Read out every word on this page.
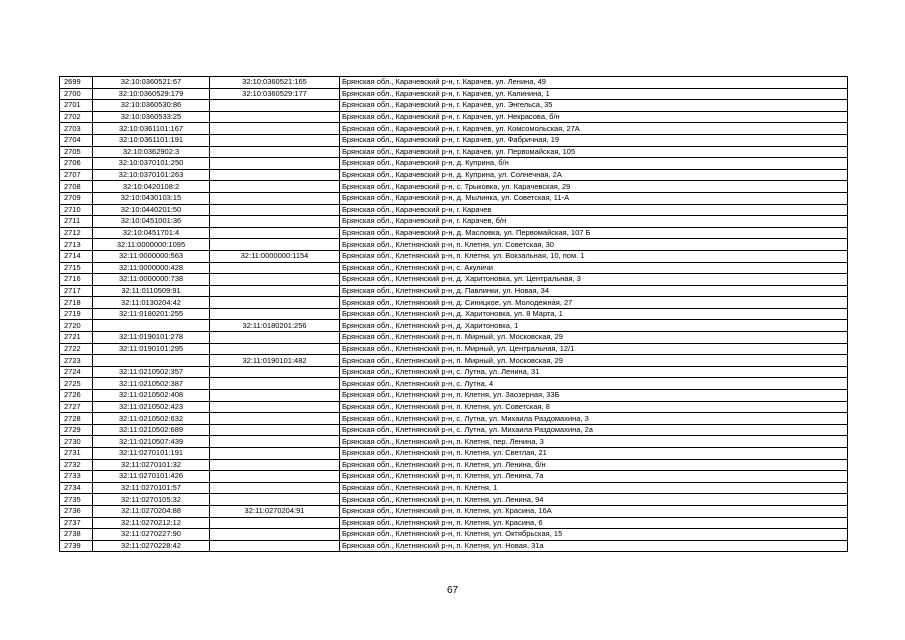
2699	32:10:0360521:67	32:10:0360521:165	Брянская обл., Карачевский р-н, г. Карачев, ул. Ленина, 49
2700	32:10:0360529:179	32:10:0360529:177	Брянская обл., Карачевский р-н, г. Карачев, ул. Калинина, 1
2701	32:10:0360530:86		Брянская обл., Карачевский р-н, г. Карачев, ул. Энгельса, 35
2702	32:10:0360533:25		Брянская обл., Карачевский р-н, г. Карачев, ул. Некрасова, б/н
2703	32:10:0361101:167		Брянская обл., Карачевский р-н, г. Карачев, ул. Комсомольская, 27А
2704	32:10:0361101:191		Брянская обл., Карачевский р-н, г. Карачев, ул. Фабричная, 19
2705	32:10:0362902:3		Брянская обл., Карачевский р-н, г. Карачев, ул. Первомайская, 105
2706	32:10:0370101:250		Брянская обл., Карачевский р-н, д. Куприна, б/н
2707	32:10:0370101:263		Брянская обл., Карачевский р-н, д. Куприна, ул. Солнечная, 2А
2708	32:10:0420108:2		Брянская обл., Карачевский р-н, с. Трыковка, ул. Карачевская, 29
2709	32:10:0430103:15		Брянская обл., Карачевский р-н, д. Мылинка, ул. Советская, 11-А
2710	32:10:0440201:50		Брянская обл., Карачевский р-н, г. Карачев
2711	32:10:0451001:36		Брянская обл., Карачевский р-н, г. Карачев, б/н
2712	32:10:0451701:4		Брянская обл., Карачевский р-н, д. Масловка, ул. Первомайская, 107 Б
2713	32:11:0000000:1095		Брянская обл., Клетнянский р-н, п. Клетня, ул. Советская, 30
2714	32:11:0000000:563	32:11:0000000:1154	Брянская обл., Клетнянский р-н, п. Клетня, ул. Вокзальная, 10, пом. 1
2715	32:11:0000000:428		Брянская обл., Клетнянский р-н, с. Акуличи
2716	32:11:0000000:738		Брянская обл., Клетнянский р-н, д. Харитоновка, ул. Центральная, 3
2717	32:11:0110509:91		Брянская обл., Клетнянский р-н, д. Павлинки, ул. Новая, 34
2718	32:11:0130204:42		Брянская обл., Клетнянский р-н, д. Синицкое, ул. Молодежная, 27
2719	32:11:0180201:255		Брянская обл., Клетнянский р-н, д. Харитоновка, ул. 8 Марта, 1
2720		32:11:0180201:256	Брянская обл., Клетнянский р-н, д. Харитоновка, 1
2721	32:11:0190101:278		Брянская обл., Клетнянский р-н, п. Мирный, ул. Московская, 29
2722	32:11:0190101:295		Брянская обл., Клетнянский р-н, п. Мирный, ул. Центральная, 12/1
2723		32:11:0190101:482	Брянская обл., Клетнянский р-н, п. Мирный, ул. Московская, 29
2724	32:11:0210502:357		Брянская обл., Клетнянский р-н, с. Лутна, ул. Ленина, 31
2725	32:11:0210502:387		Брянская обл., Клетнянский р-н, с. Лутна, 4
2726	32:11:0210502:408		Брянская обл., Клетнянский р-н, п. Клетня, ул. Заозерная, 33Б
2727	32:11:0210502:423		Брянская обл., Клетнянский р-н, п. Клетня, ул. Советская, 8
2728	32:11:0210502:632		Брянская обл., Клетнянский р-н, с. Лутна, ул. Михаила Раздомахина, 3
2729	32:11:0210502:689		Брянская обл., Клетнянский р-н, с. Лутна, ул. Михаила Раздомахина, 2а
2730	32:11:0210507:439		Брянская обл., Клетнянский р-н, п. Клетня, пер. Ленина, 3
2731	32:11:0270101:191		Брянская обл., Клетнянский р-н, п. Клетня, ул. Светлая, 21
2732	32:11:0270101:32		Брянская обл., Клетнянский р-н, п. Клетня, ул. Ленина, б/н
2733	32:11:0270101:426		Брянская обл., Клетнянский р-н, п. Клетня, ул. Ленина, 7а
2734	32:11:0270101:57		Брянская обл., Клетнянский р-н, п. Клетня, 1
2735	32:11:0270105:32		Брянская обл., Клетнянский р-н, п. Клетня, ул. Ленина, 94
2736	32:11:0270204:88	32:11:0270204:91	Брянская обл., Клетнянский р-н, п. Клетня, ул. Красина, 16А
2737	32:11:0270212:12		Брянская обл., Клетнянский р-н, п. Клетня, ул. Красина, 6
2738	32:11:0270227:90		Брянская обл., Клетнянский р-н, п. Клетня, ул. Октябрьская, 15
2739	32:11:0270228:42		Брянская обл., Клетнянский р-н, п. Клетня, ул. Новая, 31а
67
